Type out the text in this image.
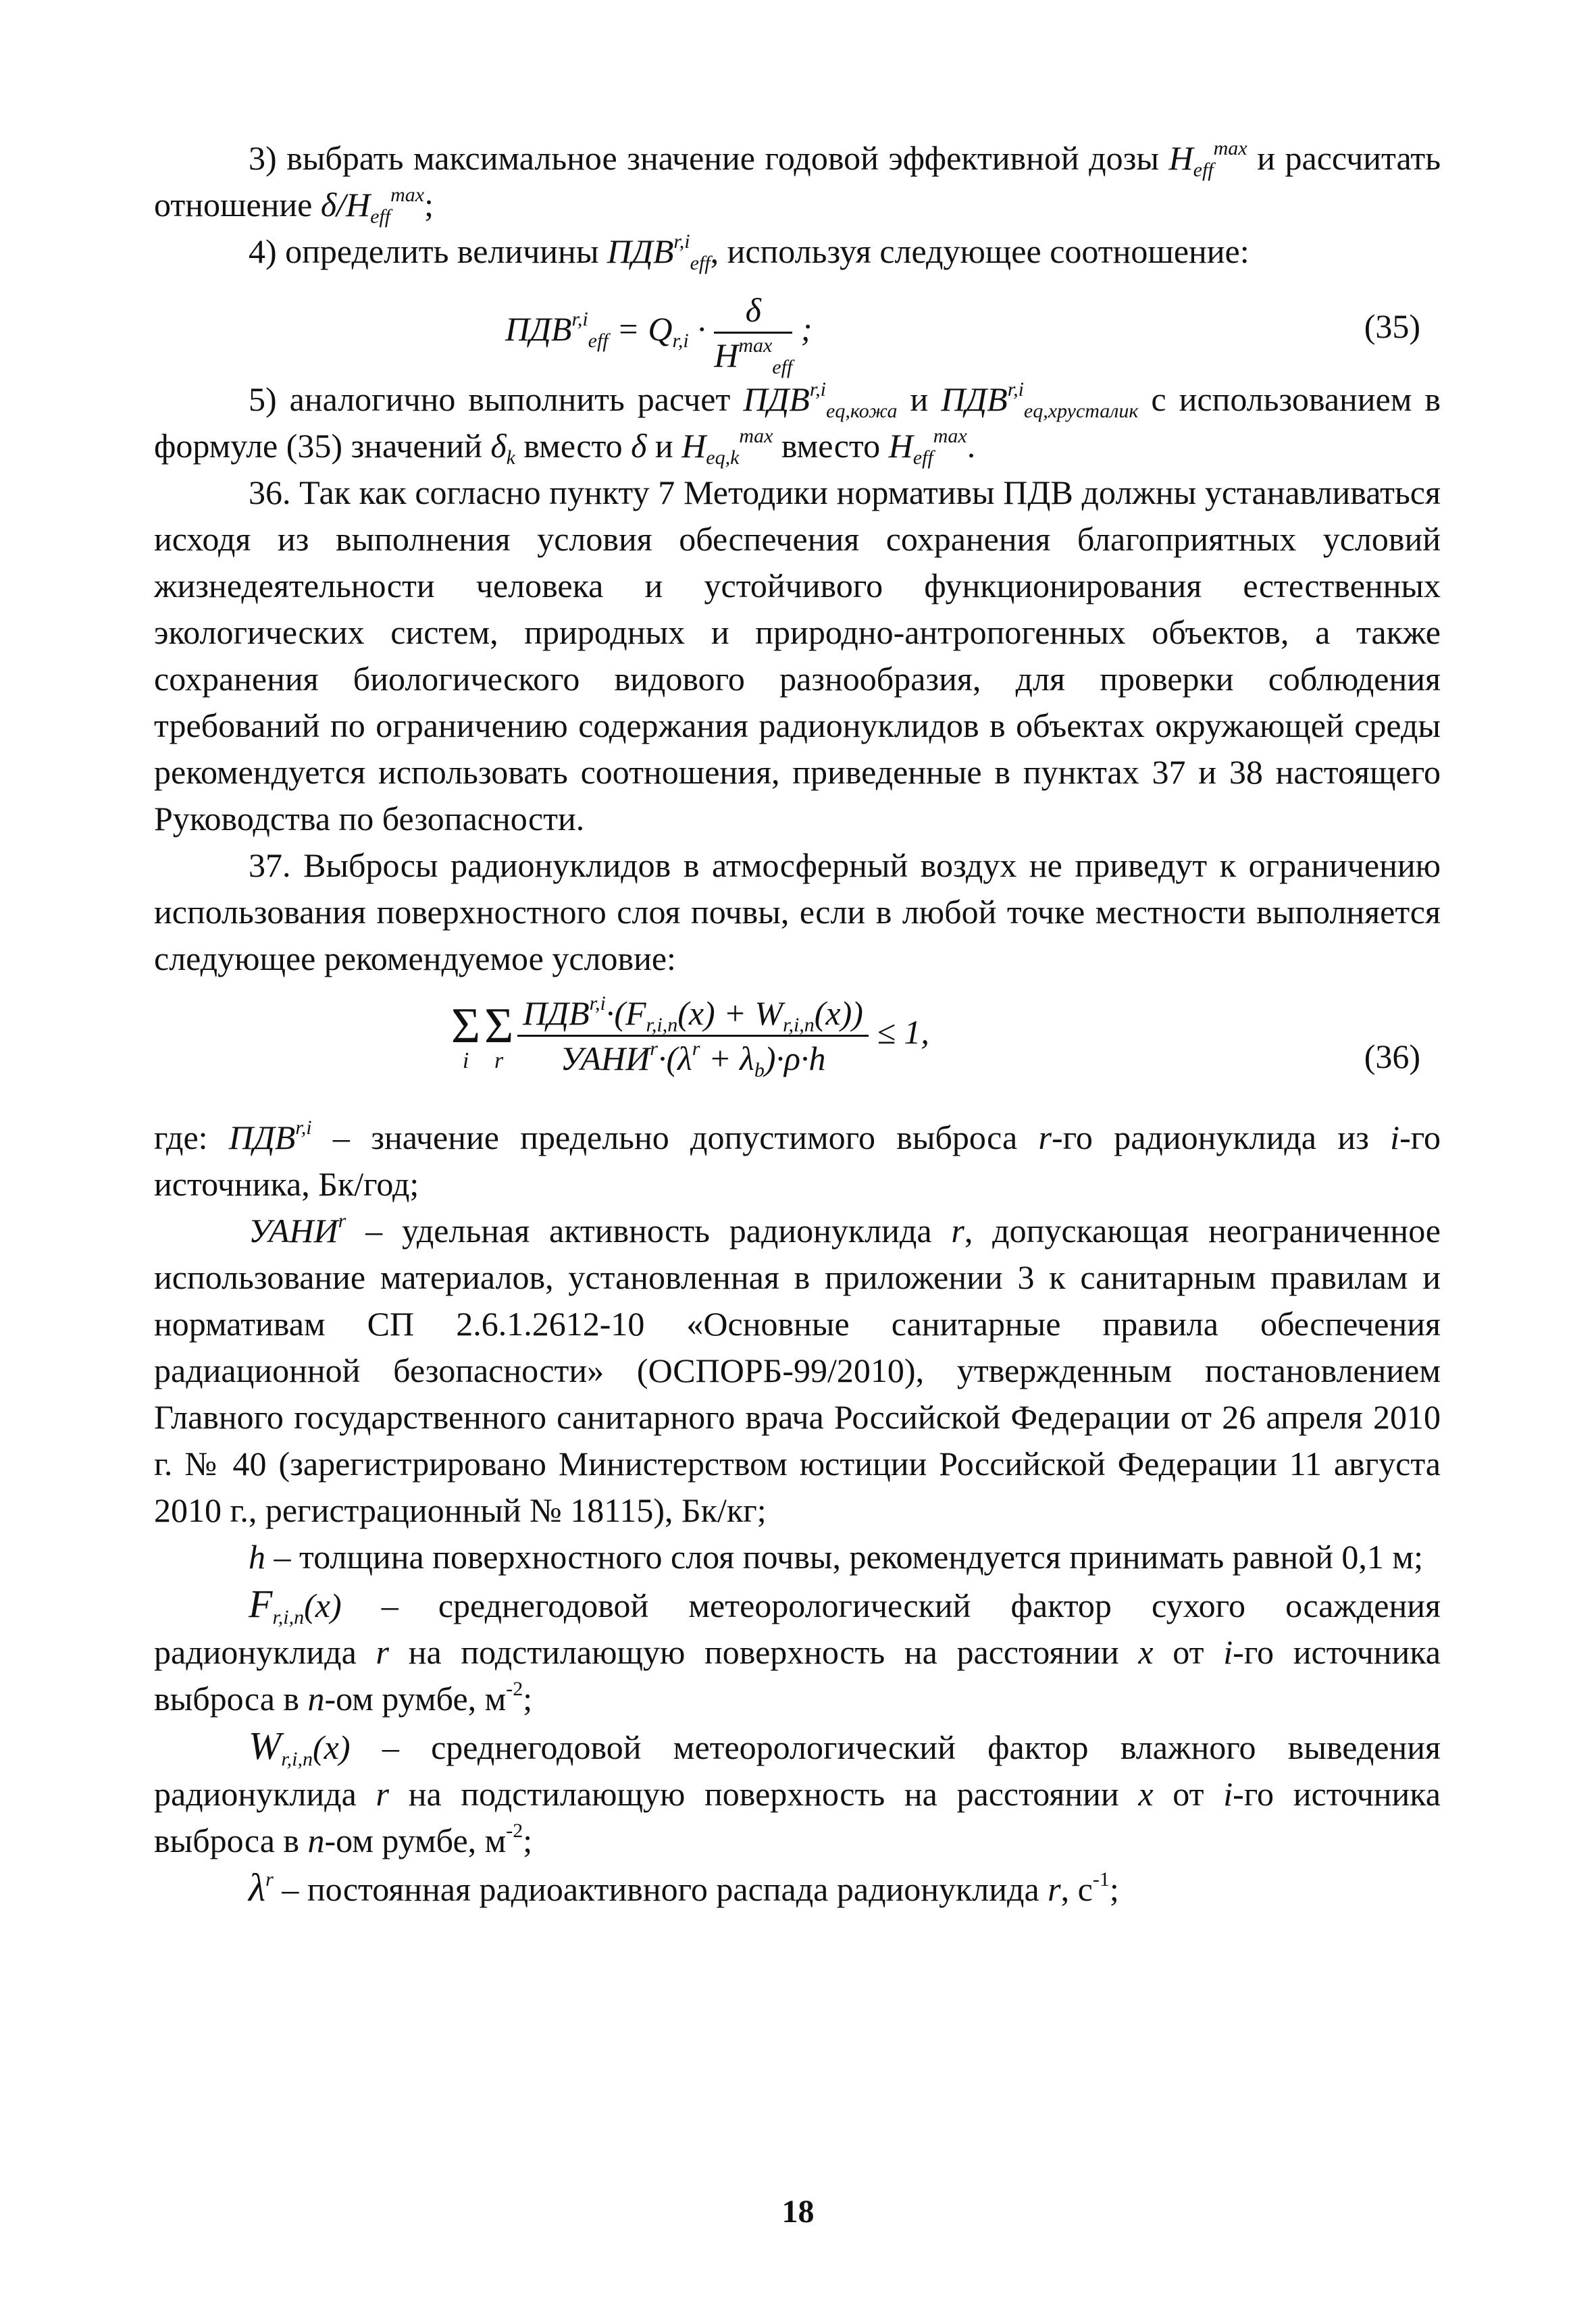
3) выбрать максимальное значение годовой эффективной дозы $H_{eff}^{max}$ и рассчитать отношение $\delta/H_{eff}^{max}$;

4) определить величины ПДВ$^{r,i}_{eff}$, используя следующее соотношение:

$ПДВ^{r,i}_{eff} = Q_{r,i} \cdot \frac{\delta}{H^{max}_{eff}}$ ;	(35)

5) аналогично выполнить расчет ПДВ$^{r,i}_{eq,кожа}$ и ПДВ$^{r,i}_{eq,хрусталик}$ с использованием в формуле (35) значений $\delta_k$ вместо δ и $H_{eq,k}^{max}$ вместо $H_{eff}^{max}$.

36. Так как согласно пункту 7 Методики нормативы ПДВ должны устанавливаться исходя из выполнения условия обеспечения сохранения благоприятных условий жизнедеятельности человека и устойчивого функционирования естественных экологических систем, природных и природно-антропогенных объектов, а также сохранения биологического видового разнообразия, для проверки соблюдения требований по ограничению содержания радионуклидов в объектах окружающей среды рекомендуется использовать соотношения, приведенные в пунктах 37 и 38 настоящего Руководства по безопасности.

37. Выбросы радионуклидов в атмосферный воздух не приведут к ограничению использования поверхностного слоя почвы, если в любой точке местности выполняется следующее рекомендуемое условие:

Σ
i
Σ
r $\frac{ПДВ^{r,i}\cdot(F_{r,i,n}(x) + W_{r,i,n}(x))}{УАНИ^r\cdot(\lambda^r + \lambda_b)\cdot\rho\cdot h} \le 1$,
(36)

где: ПДВ$^{r,i}$ – значение предельно допустимого выброса r-го радионуклида из i-го источника, Бк/год;

УАНИ$^r$ – удельная активность радионуклида r, допускающая неограниченное использование материалов, установленная в приложении 3 к санитарным правилам и нормативам СП 2.6.1.2612-10 «Основные санитарные правила обеспечения радиационной безопасности» (ОСПОРБ-99/2010), утвержденным постановлением Главного государственного санитарного врача Российской Федерации от 26 апреля 2010 г. № 40 (зарегистрировано Министерством юстиции Российской Федерации 11 августа 2010 г., регистрационный № 18115), Бк/кг;

h – толщина поверхностного слоя почвы, рекомендуется принимать равной 0,1 м;

$F_{r,i,n}(x)$ – среднегодовой метеорологический фактор сухого осаждения радионуклида r на подстилающую поверхность на расстоянии x от i-го источника выброса в n-ом румбе, $м^{-2}$;

$W_{r,i,n}(x)$ – среднегодовой метеорологический фактор влажного выведения радионуклида r на подстилающую поверхность на расстоянии x от i-го источника выброса в n-ом румбе, $м^{-2}$;

$\lambda^r$ – постоянная радиоактивного распада радионуклида r, $с^{-1}$;

18
